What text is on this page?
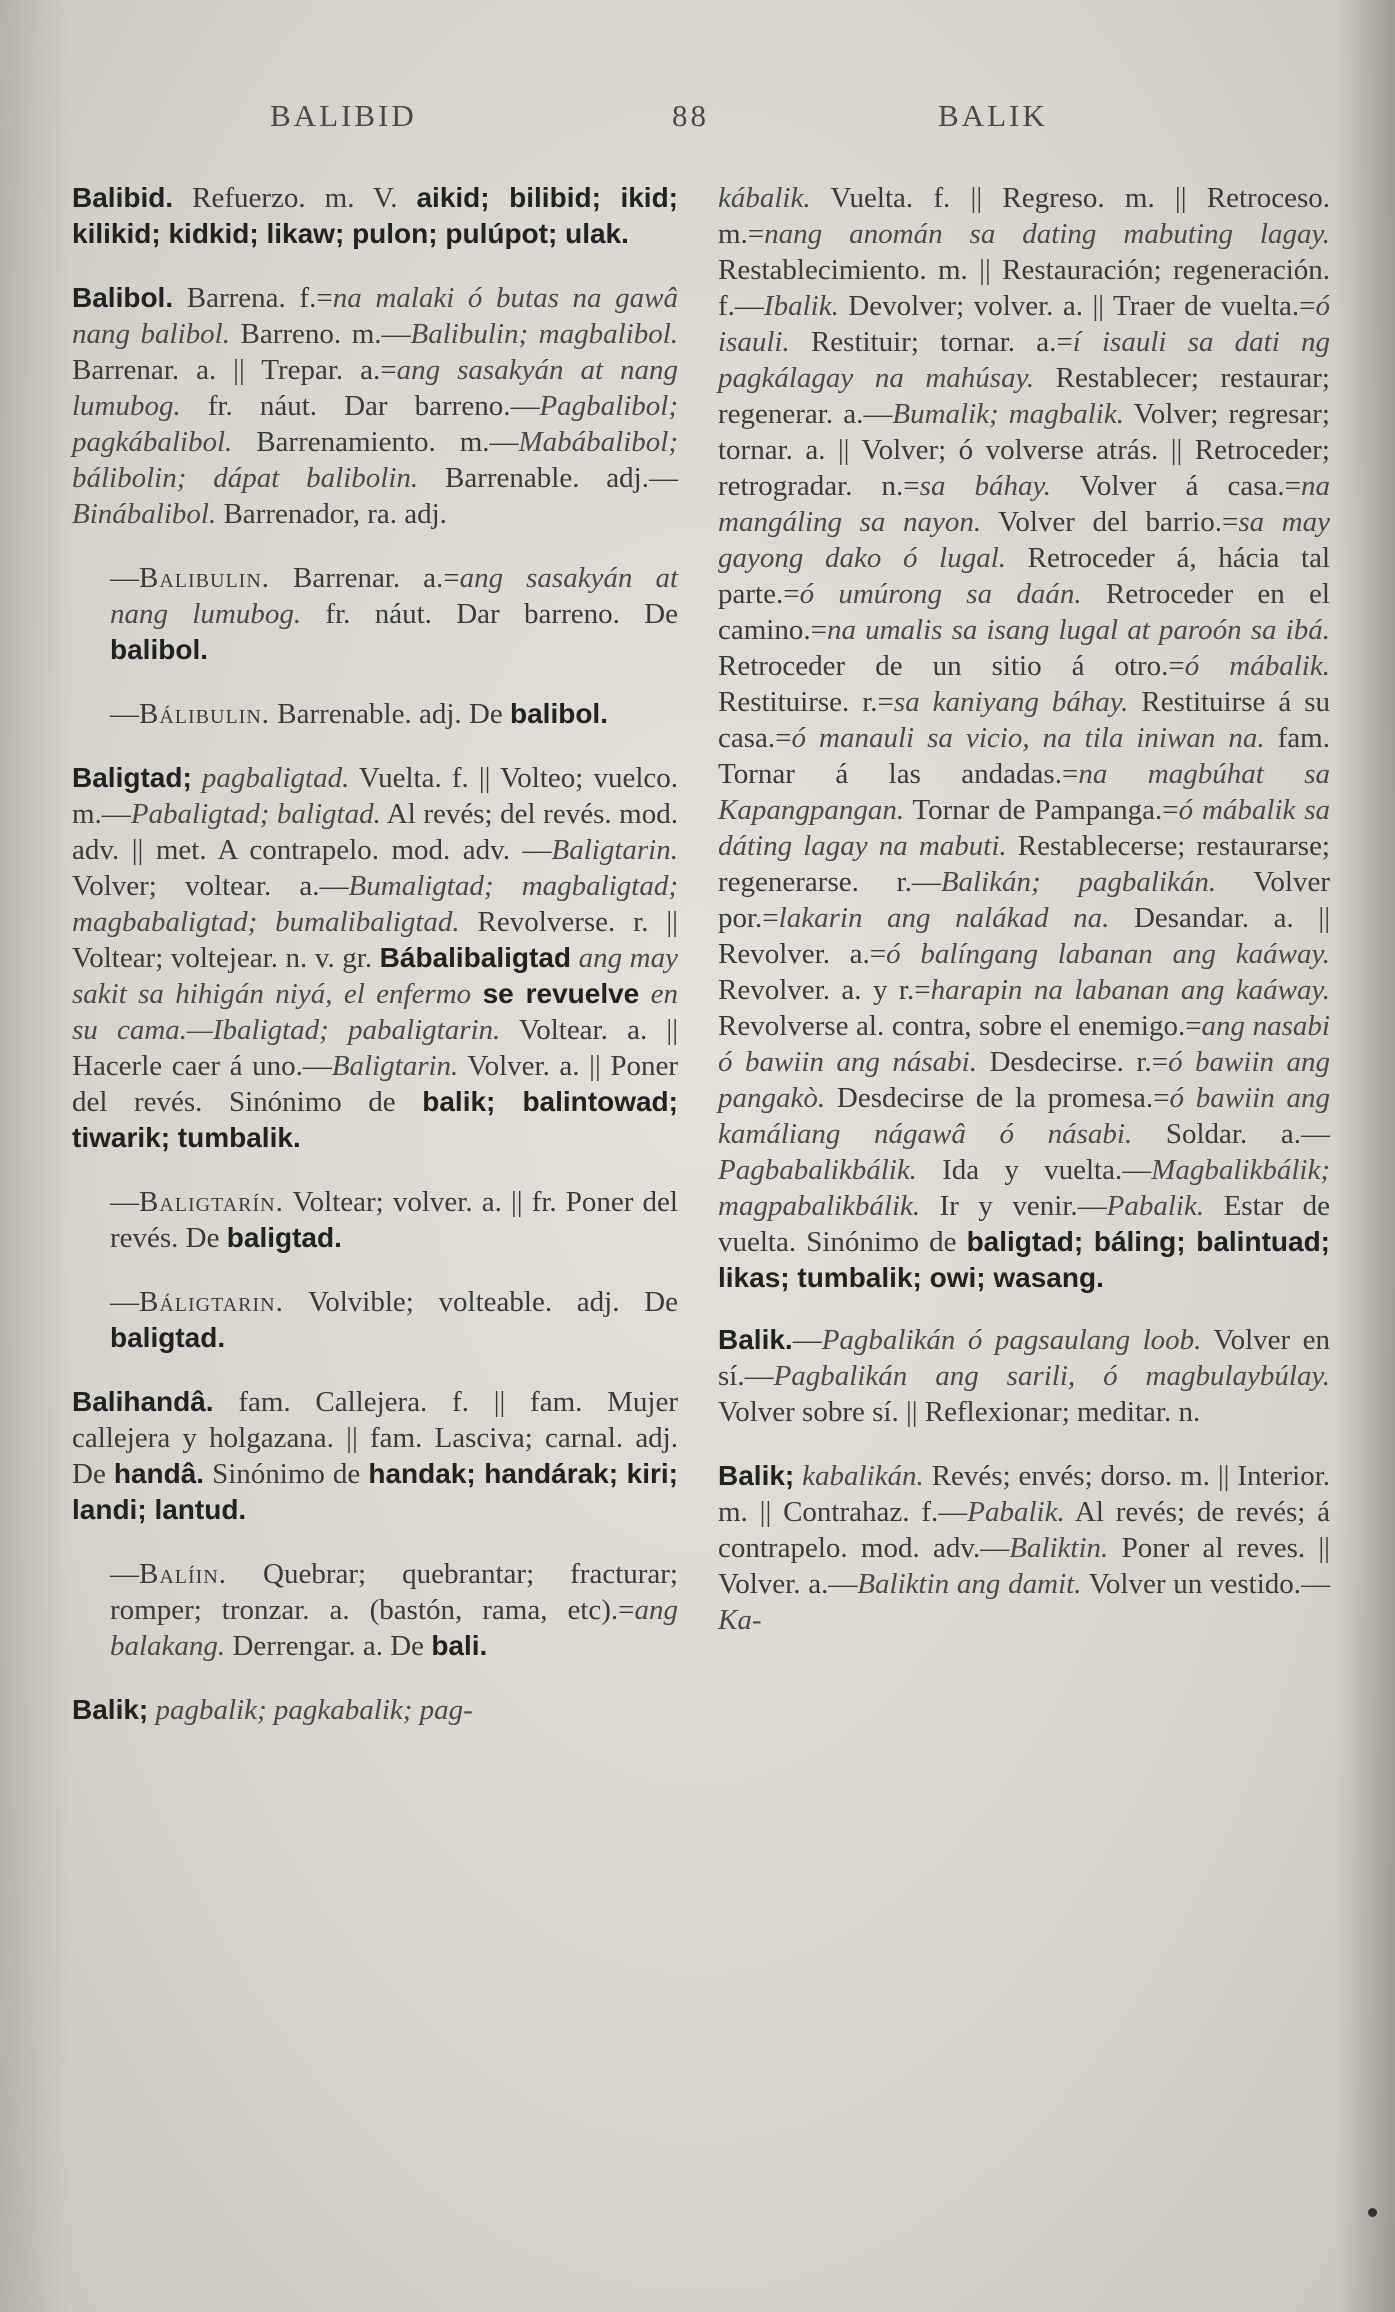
BALIBID	88	BALIK

Balibid. Refuerzo. m. V. aikid; bilibid; ikid; kilikid; kidkid; likaw; pulon; pulúpot; ulak.

Balibol. Barrena. f.=na malaki ó butas na gawâ nang balibol. Barreno. m.—Balibulin; magbalibol. Barrenar. a. || Trepar. a.=ang sasakyán at nang lumubog. fr. náut. Dar barreno.—Pagbalibol; pagkábalibol. Barrenamiento. m.—Mabábalibol; bálibolin; dápat balibolin. Barrenable. adj.—Binábalibol. Barrenador, ra. adj.

—Balibulin. Barrenar. a.=ang sasakyán at nang lumubog. fr. náut. Dar barreno. De balibol.

—Bálibulin. Barrenable. adj. De balibol.

Baligtad; pagbaligtad. Vuelta. f. || Volteo; vuelco. m.—Pabaligtad; baligtad. Al revés; del revés. mod. adv. || met. A contrapelo. mod. adv. —Baligtarin. Volver; voltear. a.—Bumaligtad; magbaligtad; magbabaligtad; bumalibaligtad. Revolverse. r. || Voltear; voltejear. n. v. gr. Bábalibaligtad ang may sakit sa hihigán niyá, el enfermo se revuelve en su cama.—Ibaligtad; pabaligtarin. Voltear. a. || Hacerle caer á uno.—Baligtarin. Volver. a. || Poner del revés. Sinónimo de balik; balintowad; tiwarik; tumbalik.

—Baligtarín. Voltear; volver. a. || fr. Poner del revés. De baligtad.

—Báligtarin. Volvible; volteable. adj. De baligtad.

Balihandâ. fam. Callejera. f. || fam. Mujer callejera y holgazana. || fam. Lasciva; carnal. adj. De handâ. Sinónimo de handak; handárak; kiri; landi; lantud.

—Balíin. Quebrar; quebrantar; fracturar; romper; tronzar. a. (bastón, rama, etc).=ang balakang. Derrengar. a. De bali.

Balik; pagbalik; pagkabalik; pag-

kábalik. Vuelta. f. || Regreso. m. || Retroceso. m.=nang anomán sa dating mabuting lagay. Restablecimiento. m. || Restauración; regeneración. f.—Ibalik. Devolver; volver. a. || Traer de vuelta.=ó isauli. Restituir; tornar. a.=í isauli sa dati ng pagkálagay na mahúsay. Restablecer; restaurar; regenerar. a.—Bumalik; magbalik. Volver; regresar; tornar. a. || Volver; ó volverse atrás. || Retroceder; retrogradar. n.=sa báhay. Volver á casa.=na mangáling sa nayon. Volver del barrio.=sa may gayong dako ó lugal. Retroceder á, hácia tal parte.=ó umúrong sa daán. Retroceder en el camino.=na umalis sa isang lugal at paroón sa ibá. Retroceder de un sitio á otro.=ó mábalik. Restituirse. r.=sa kaniyang báhay. Restituirse á su casa.=ó manauli sa vicio, na tila iniwan na. fam. Tornar á las andadas.=na magbúhat sa Kapangpangan. Tornar de Pampanga.=ó mábalik sa dáting lagay na mabuti. Restablecerse; restaurarse; regenerarse. r.—Balikán; pagbalikán. Volver por.=lakarin ang nalákad na. Desandar. a. || Revolver. a.=ó balíngang labanan ang kaáway. Revolver. a. y r.=harapin na labanan ang kaáway. Revolverse al. contra, sobre el enemigo.=ang nasabi ó bawiin ang násabi. Desdecirse. r.=ó bawiin ang pangakò. Desdecirse de la promesa.=ó bawiin ang kamáliang nágawâ ó násabi. Soldar. a.—Pagbabalikbálik. Ida y vuelta.—Magbalikbálik; magpabalikbálik. Ir y venir.—Pabalik. Estar de vuelta. Sinónimo de baligtad; báling; balintuad; likas; tumbalik; owi; wasang.

Balik.—Pagbalikán ó pagsaulang loob. Volver en sí.—Pagbalikán ang sarili, ó magbulaybúlay. Volver sobre sí. || Reflexionar; meditar. n.

Balik; kabalikán. Revés; envés; dorso. m. || Interior. m. || Contrahaz. f.—Pabalik. Al revés; de revés; á contrapelo. mod. adv.—Baliktin. Poner al reves. || Volver. a.—Baliktin ang damit. Volver un vestido.—Ka-
